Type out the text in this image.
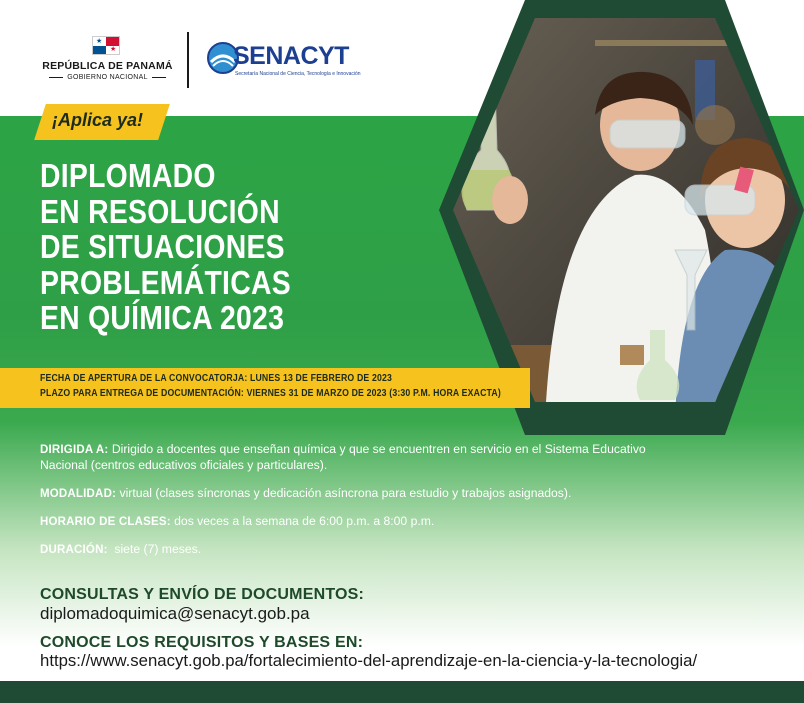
★
★
REPÚBLICA DE PANAMÁ
GOBIERNO NACIONAL
SENACYT
Secretaría Nacional de Ciencia, Tecnología e Innovación
¡Aplica ya!
DIPLOMADO
EN RESOLUCIÓN
DE SITUACIONES
PROBLEMÁTICAS
EN QUÍMICA 2023
FECHA DE APERTURA DE LA CONVOCATORJA: LUNES 13 DE FEBRERO DE 2023
PLAZO PARA ENTREGA DE DOCUMENTACIÓN: VIERNES 31 DE MARZO DE 2023 (3:30 P.M. HORA EXACTA)
DIRIGIDA A: Dirigido a docentes que enseñan química y que se encuentren en servicio en el Sistema Educativo Nacional (centros educativos oficiales y particulares).
MODALIDAD: virtual (clases síncronas y dedicación asíncrona para estudio y trabajos asignados).
HORARIO DE CLASES: dos veces a la semana de 6:00 p.m. a 8:00 p.m.
DURACIÓN:  siete (7) meses.
CONSULTAS Y ENVÍO DE DOCUMENTOS:
diplomadoquimica@senacyt.gob.pa
CONOCE LOS REQUISITOS Y BASES EN:
https://www.senacyt.gob.pa/fortalecimiento-del-aprendizaje-en-la-ciencia-y-la-tecnologia/
